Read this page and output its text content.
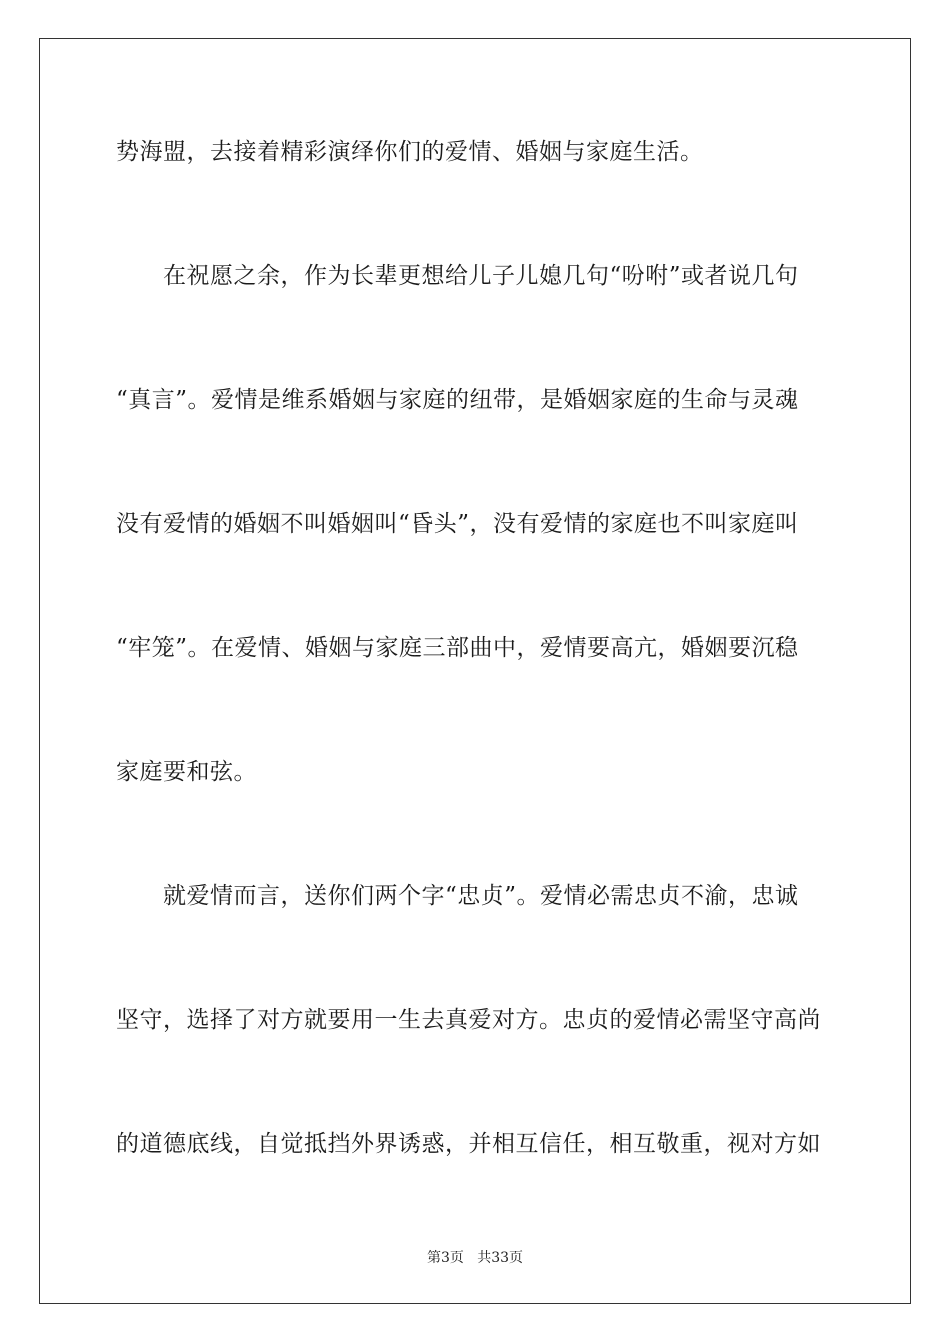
势海盟，去接着精彩演绎你们的爱情、婚姻与家庭生活。
在祝愿之余，作为长辈更想给儿子儿媳几句“吩咐”或者说几句
“真言”。爱情是维系婚姻与家庭的纽带，是婚姻家庭的生命与灵魂
没有爱情的婚姻不叫婚姻叫“昏头”，没有爱情的家庭也不叫家庭叫
“牢笼”。在爱情、婚姻与家庭三部曲中，爱情要高亢，婚姻要沉稳
家庭要和弦。
就爱情而言，送你们两个字“忠贞”。爱情必需忠贞不渝，忠诚
坚守，选择了对方就要用一生去真爱对方。忠贞的爱情必需坚守高尚
的道德底线，自觉抵挡外界诱惑，并相互信任，相互敬重，视对方如
第3页   共33页
